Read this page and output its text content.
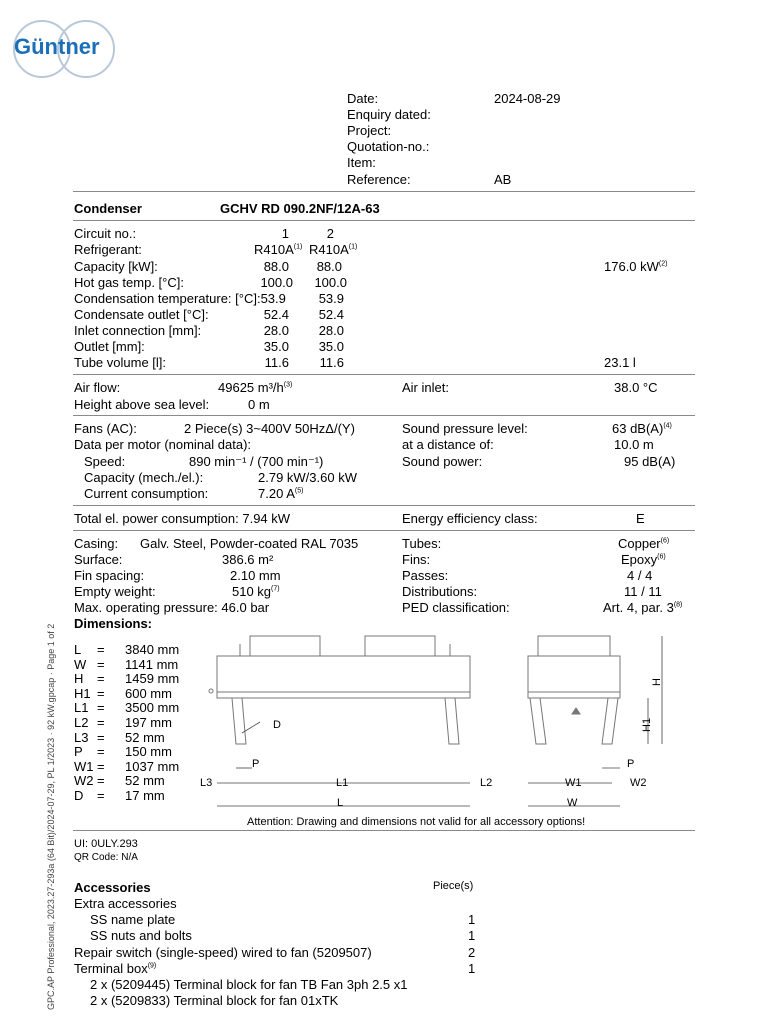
Güntner
Date:	2024-08-29
Enquiry dated:
Project:
Quotation-no.:
Item:
Reference:	AB
Condenser	GCHV RD 090.2NF/12A-63
Circuit no.:	1	2
Refrigerant:	$R410A^{(1)}$ $R410A^{(1)}$
Capacity [kW]:	88.0	88.0	176.0 $kW^{(2)}$
Hot gas temp. [°C]:	100.0	100.0
Condensation temperature: [°C]:53.9	53.9
Condensate outlet [°C]:	52.4	52.4
Inlet connection [mm]:	28.0	28.0
Outlet [mm]:	35.0	35.0
Tube volume [l]:	11.6	11.6	23.1 l
Air flow:	49625 $m^3/h^{(3)}$	Air inlet:	38.0 °C
Height above sea level:	0 m
Fans (AC):	2 Piece(s) 3~400V 50HzΔ/(Y)
Data per motor (nominal data):
Speed:	890 min⁻¹ / (700 min⁻¹)
Capacity (mech./el.):	2.79 kW/3.60 kW
Current consumption:	7.20 $A^{(5)}$
Sound pressure level:	63 $dB(A)^{(4)}$
at a distance of:	10.0 m
Sound power:	95 dB(A)
Total el. power consumption: 7.94 kW	Energy efficiency class:	E
Casing: Galv. Steel, Powder-coated RAL 7035
Surface:	386.6 m²
Fin spacing:	2.10 mm
Empty weight:	510 $kg^{(7)}$
Max. operating pressure: 46.0 bar
Tubes:	Copper$^{(6)}$
Fins:	Epoxy$^{(6)}$
Passes:	4 / 4
Distributions:	11 / 11
PED classification:	Art. 4, par. 3$^{(8)}$
Dimensions:
L = 3840 mm
W = 1141 mm
H = 1459 mm
H1 = 600 mm
L1 = 3500 mm
L2 = 197 mm
L3 = 52 mm
P = 150 mm
W1 = 1037 mm
W2 = 52 mm
D = 17 mm
D
P
L3	L1	L2
L
W1	W2
W
P
H
H1
Attention: Drawing and dimensions not valid for all accessory options!
UI: 0ULY.293
QR Code: N/A
Accessories	Piece(s)
Extra accessories
SS name plate	1
SS nuts and bolts	1
Repair switch (single-speed) wired to fan (5209507)	2
Terminal box$^{(9)}$	1
2 x (5209445) Terminal block for fan TB Fan 3ph 2.5 x1
2 x (5209833) Terminal block for fan 01xTK
GPC.AP Professional, 2023.27-293a (64 Bit)/2024-07-29, PL 1/2023 · 92 kW.gpcap · Page 1 of 2
